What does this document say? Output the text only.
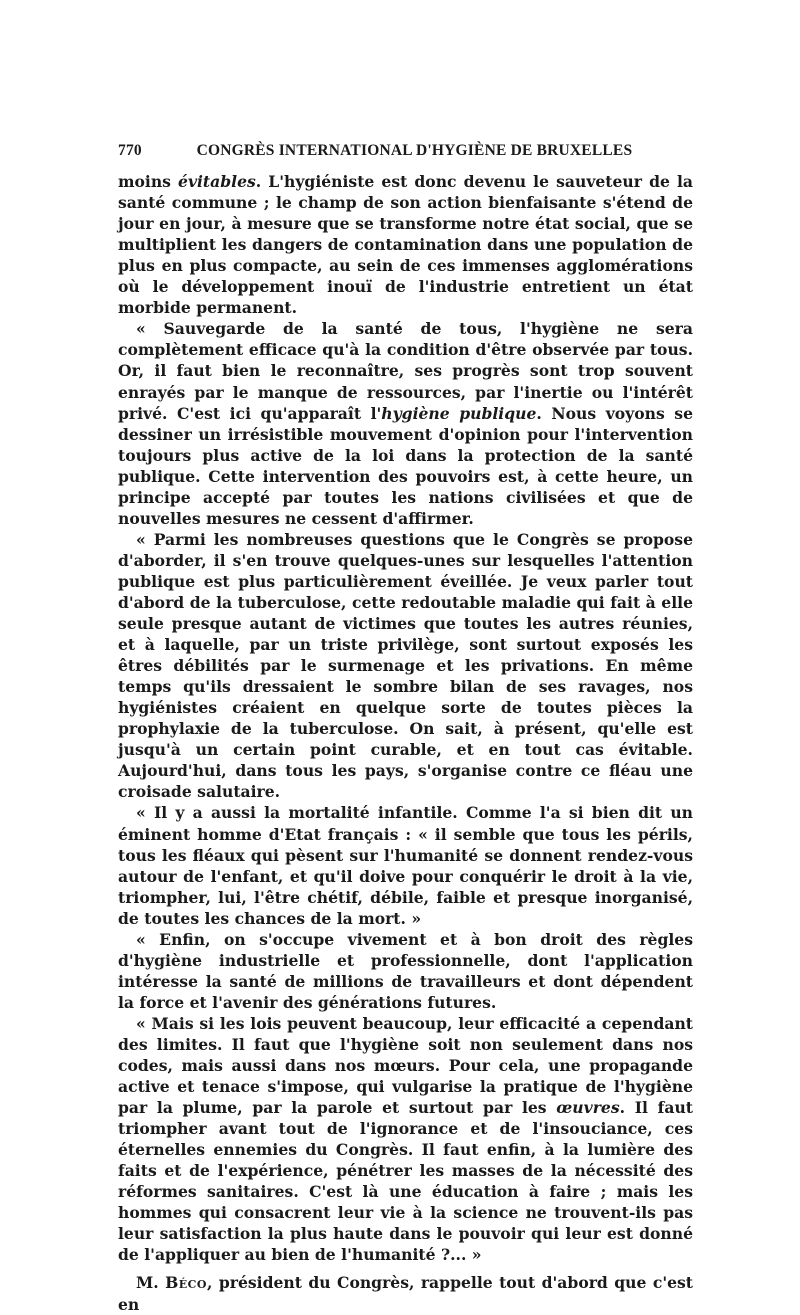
770	CONGRÈS INTERNATIONAL D'HYGIÈNE DE BRUXELLES

moins évitables. L'hygiéniste est donc devenu le sauveteur de la santé commune ; le champ de son action bienfaisante s'étend de jour en jour, à mesure que se transforme notre état social, que se multiplient les dangers de contamination dans une population de plus en plus compacte, au sein de ces immenses agglomérations où le développement inouï de l'industrie entretient un état morbide permanent.

« Sauvegarde de la santé de tous, l'hygiène ne sera complètement efficace qu'à la condition d'être observée par tous. Or, il faut bien le reconnaître, ses progrès sont trop souvent enrayés par le manque de ressources, par l'inertie ou l'intérêt privé. C'est ici qu'apparaît l'hygiène publique. Nous voyons se dessiner un irrésistible mouvement d'opinion pour l'intervention toujours plus active de la loi dans la protection de la santé publique. Cette intervention des pouvoirs est, à cette heure, un principe accepté par toutes les nations civilisées et que de nouvelles mesures ne cessent d'affirmer.

« Parmi les nombreuses questions que le Congrès se propose d'aborder, il s'en trouve quelques-unes sur lesquelles l'attention publique est plus particulièrement éveillée. Je veux parler tout d'abord de la tuberculose, cette redoutable maladie qui fait à elle seule presque autant de victimes que toutes les autres réunies, et à laquelle, par un triste privilège, sont surtout exposés les êtres débilités par le surmenage et les privations. En même temps qu'ils dressaient le sombre bilan de ses ravages, nos hygiénistes créaient en quelque sorte de toutes pièces la prophylaxie de la tuberculose. On sait, à présent, qu'elle est jusqu'à un certain point curable, et en tout cas évitable. Aujourd'hui, dans tous les pays, s'organise contre ce fléau une croisade salutaire.

« Il y a aussi la mortalité infantile. Comme l'a si bien dit un éminent homme d'Etat français : « il semble que tous les périls, tous les fléaux qui pèsent sur l'humanité se donnent rendez-vous autour de l'enfant, et qu'il doive pour conquérir le droit à la vie, triompher, lui, l'être chétif, débile, faible et presque inorganisé, de toutes les chances de la mort. »

« Enfin, on s'occupe vivement et à bon droit des règles d'hygiène industrielle et professionnelle, dont l'application intéresse la santé de millions de travailleurs et dont dépendent la force et l'avenir des générations futures.

« Mais si les lois peuvent beaucoup, leur efficacité a cependant des limites. Il faut que l'hygiène soit non seulement dans nos codes, mais aussi dans nos mœurs. Pour cela, une propagande active et tenace s'impose, qui vulgarise la pratique de l'hygiène par la plume, par la parole et surtout par les œuvres. Il faut triompher avant tout de l'ignorance et de l'insouciance, ces éternelles ennemies du Congrès. Il faut enfin, à la lumière des faits et de l'expérience, pénétrer les masses de la nécessité des réformes sanitaires. C'est là une éducation à faire ; mais les hommes qui consacrent leur vie à la science ne trouvent-ils pas leur satisfaction la plus haute dans le pouvoir qui leur est donné de l'appliquer au bien de l'humanité ?... »

M. Béco, président du Congrès, rappelle tout d'abord que c'est en
